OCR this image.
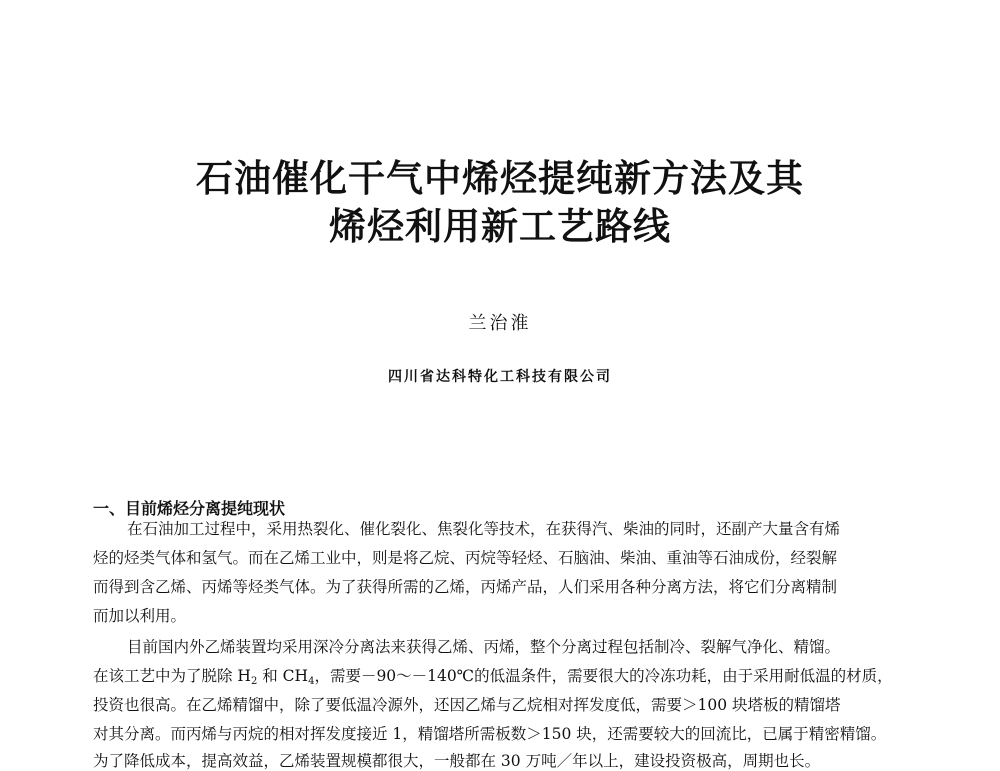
石油催化干气中烯烃提纯新方法及其
烯烃利用新工艺路线

兰治淮

四川省达科特化工科技有限公司

一、目前烯烃分离提纯现状

在石油加工过程中，采用热裂化、催化裂化、焦裂化等技术，在获得汽、柴油的同时，还副产大量含有烯

烃的烃类气体和氢气。而在乙烯工业中，则是将乙烷、丙烷等轻烃、石脑油、柴油、重油等石油成份，经裂解

而得到含乙烯、丙烯等烃类气体。为了获得所需的乙烯，丙烯产品，人们采用各种分离方法，将它们分离精制

而加以利用。

目前国内外乙烯装置均采用深冷分离法来获得乙烯、丙烯，整个分离过程包括制冷、裂解气净化、精馏。

在该工艺中为了脱除 $H_2$ 和 $CH_4$，需要－90～－140℃的低温条件，需要很大的冷冻功耗，由于采用耐低温的材质，

投资也很高。在乙烯精馏中，除了要低温冷源外，还因乙烯与乙烷相对挥发度低，需要＞100 块塔板的精馏塔

对其分离。而丙烯与丙烷的相对挥发度接近 1，精馏塔所需板数＞150 块，还需要较大的回流比，已属于精密精馏。

为了降低成本，提高效益，乙烯装置规模都很大，一般都在 30 万吨／年以上，建设投资极高，周期也长。
